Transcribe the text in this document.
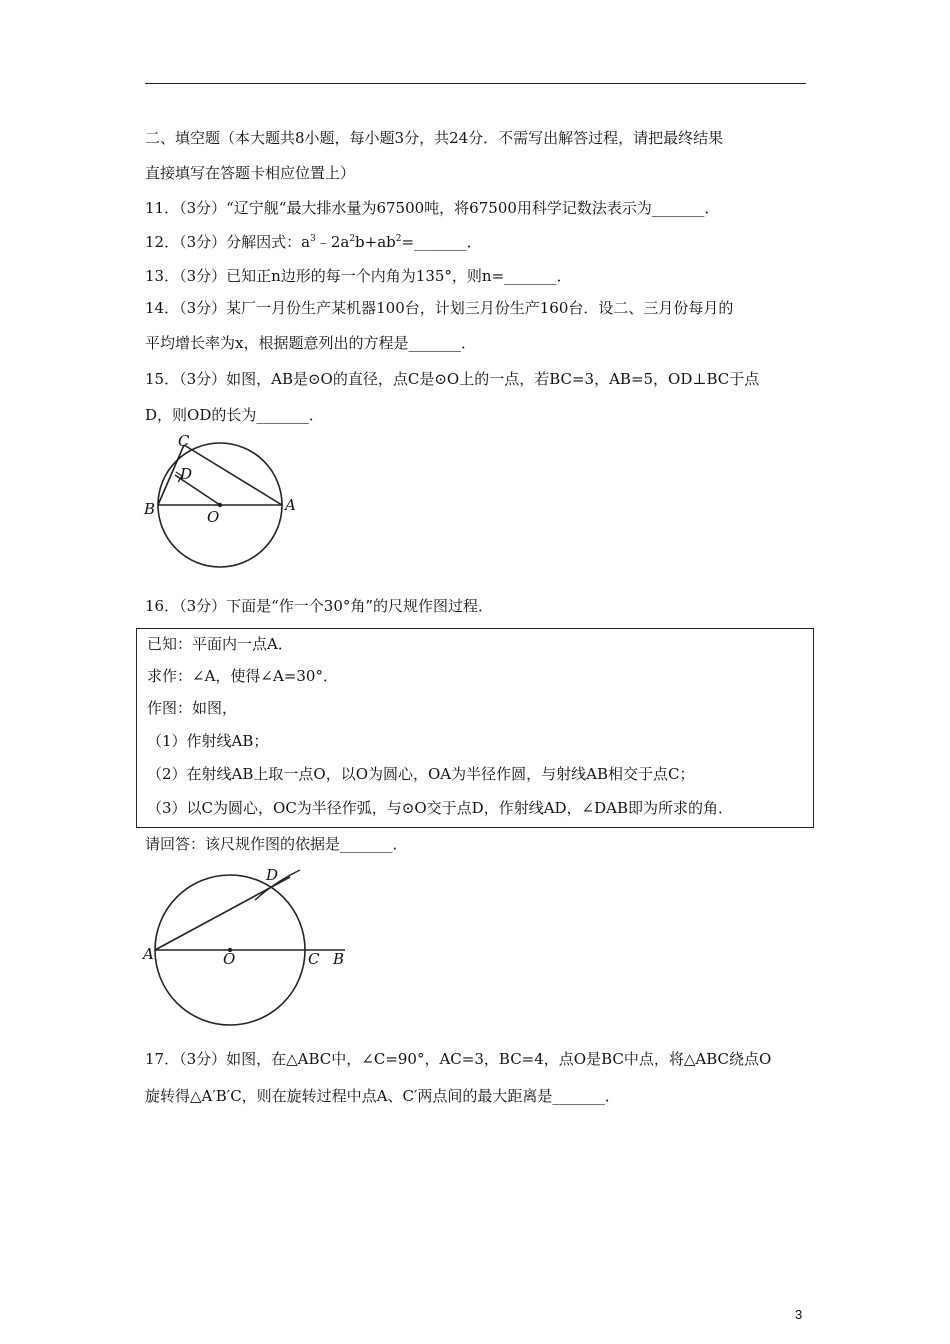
二、填空题（本大题共8小题，每小题3分，共24分．不需写出解答过程，请把最终结果
直接填写在答题卡相应位置上）
11．（3分）“辽宁舰“最大排水量为67500吨，将67500用科学记数法表示为_______．
12．（3分）分解因式：$a^3﹣2a^2b+ab^2=\_\_\_\_\_\_\_$．
13．（3分）已知正n边形的每一个内角为135°，则n=_______．
14．（3分）某厂一月份生产某机器100台，计划三月份生产160台．设二、三月份每月的
平均增长率为x，根据题意列出的方程是_______．
15．（3分）如图，AB是⊙O的直径，点C是⊙O上的一点，若BC=3，AB=5，OD⊥BC于点
D，则OD的长为_______．
C
D
B	O
A
16．（3分）下面是“作一个30°角”的尺规作图过程．
已知：平面内一点A．
求作：∠A，使得∠A=30°．
作图：如图，
（1）作射线AB；
（2）在射线AB上取一点O，以O为圆心，OA为半径作圆，与射线AB相交于点C；
（3）以C为圆心，OC为半径作弧，与⊙O交于点D，作射线AD，∠DAB即为所求的角．
请回答：该尺规作图的依据是_______．
D
A	O	C B
17．（3分）如图，在△ABC中，∠C=90°，AC=3，BC=4，点O是BC中点，将△ABC绕点O
旋转得△A′B′C，则在旋转过程中点A、C′两点间的最大距离是_______．
3
